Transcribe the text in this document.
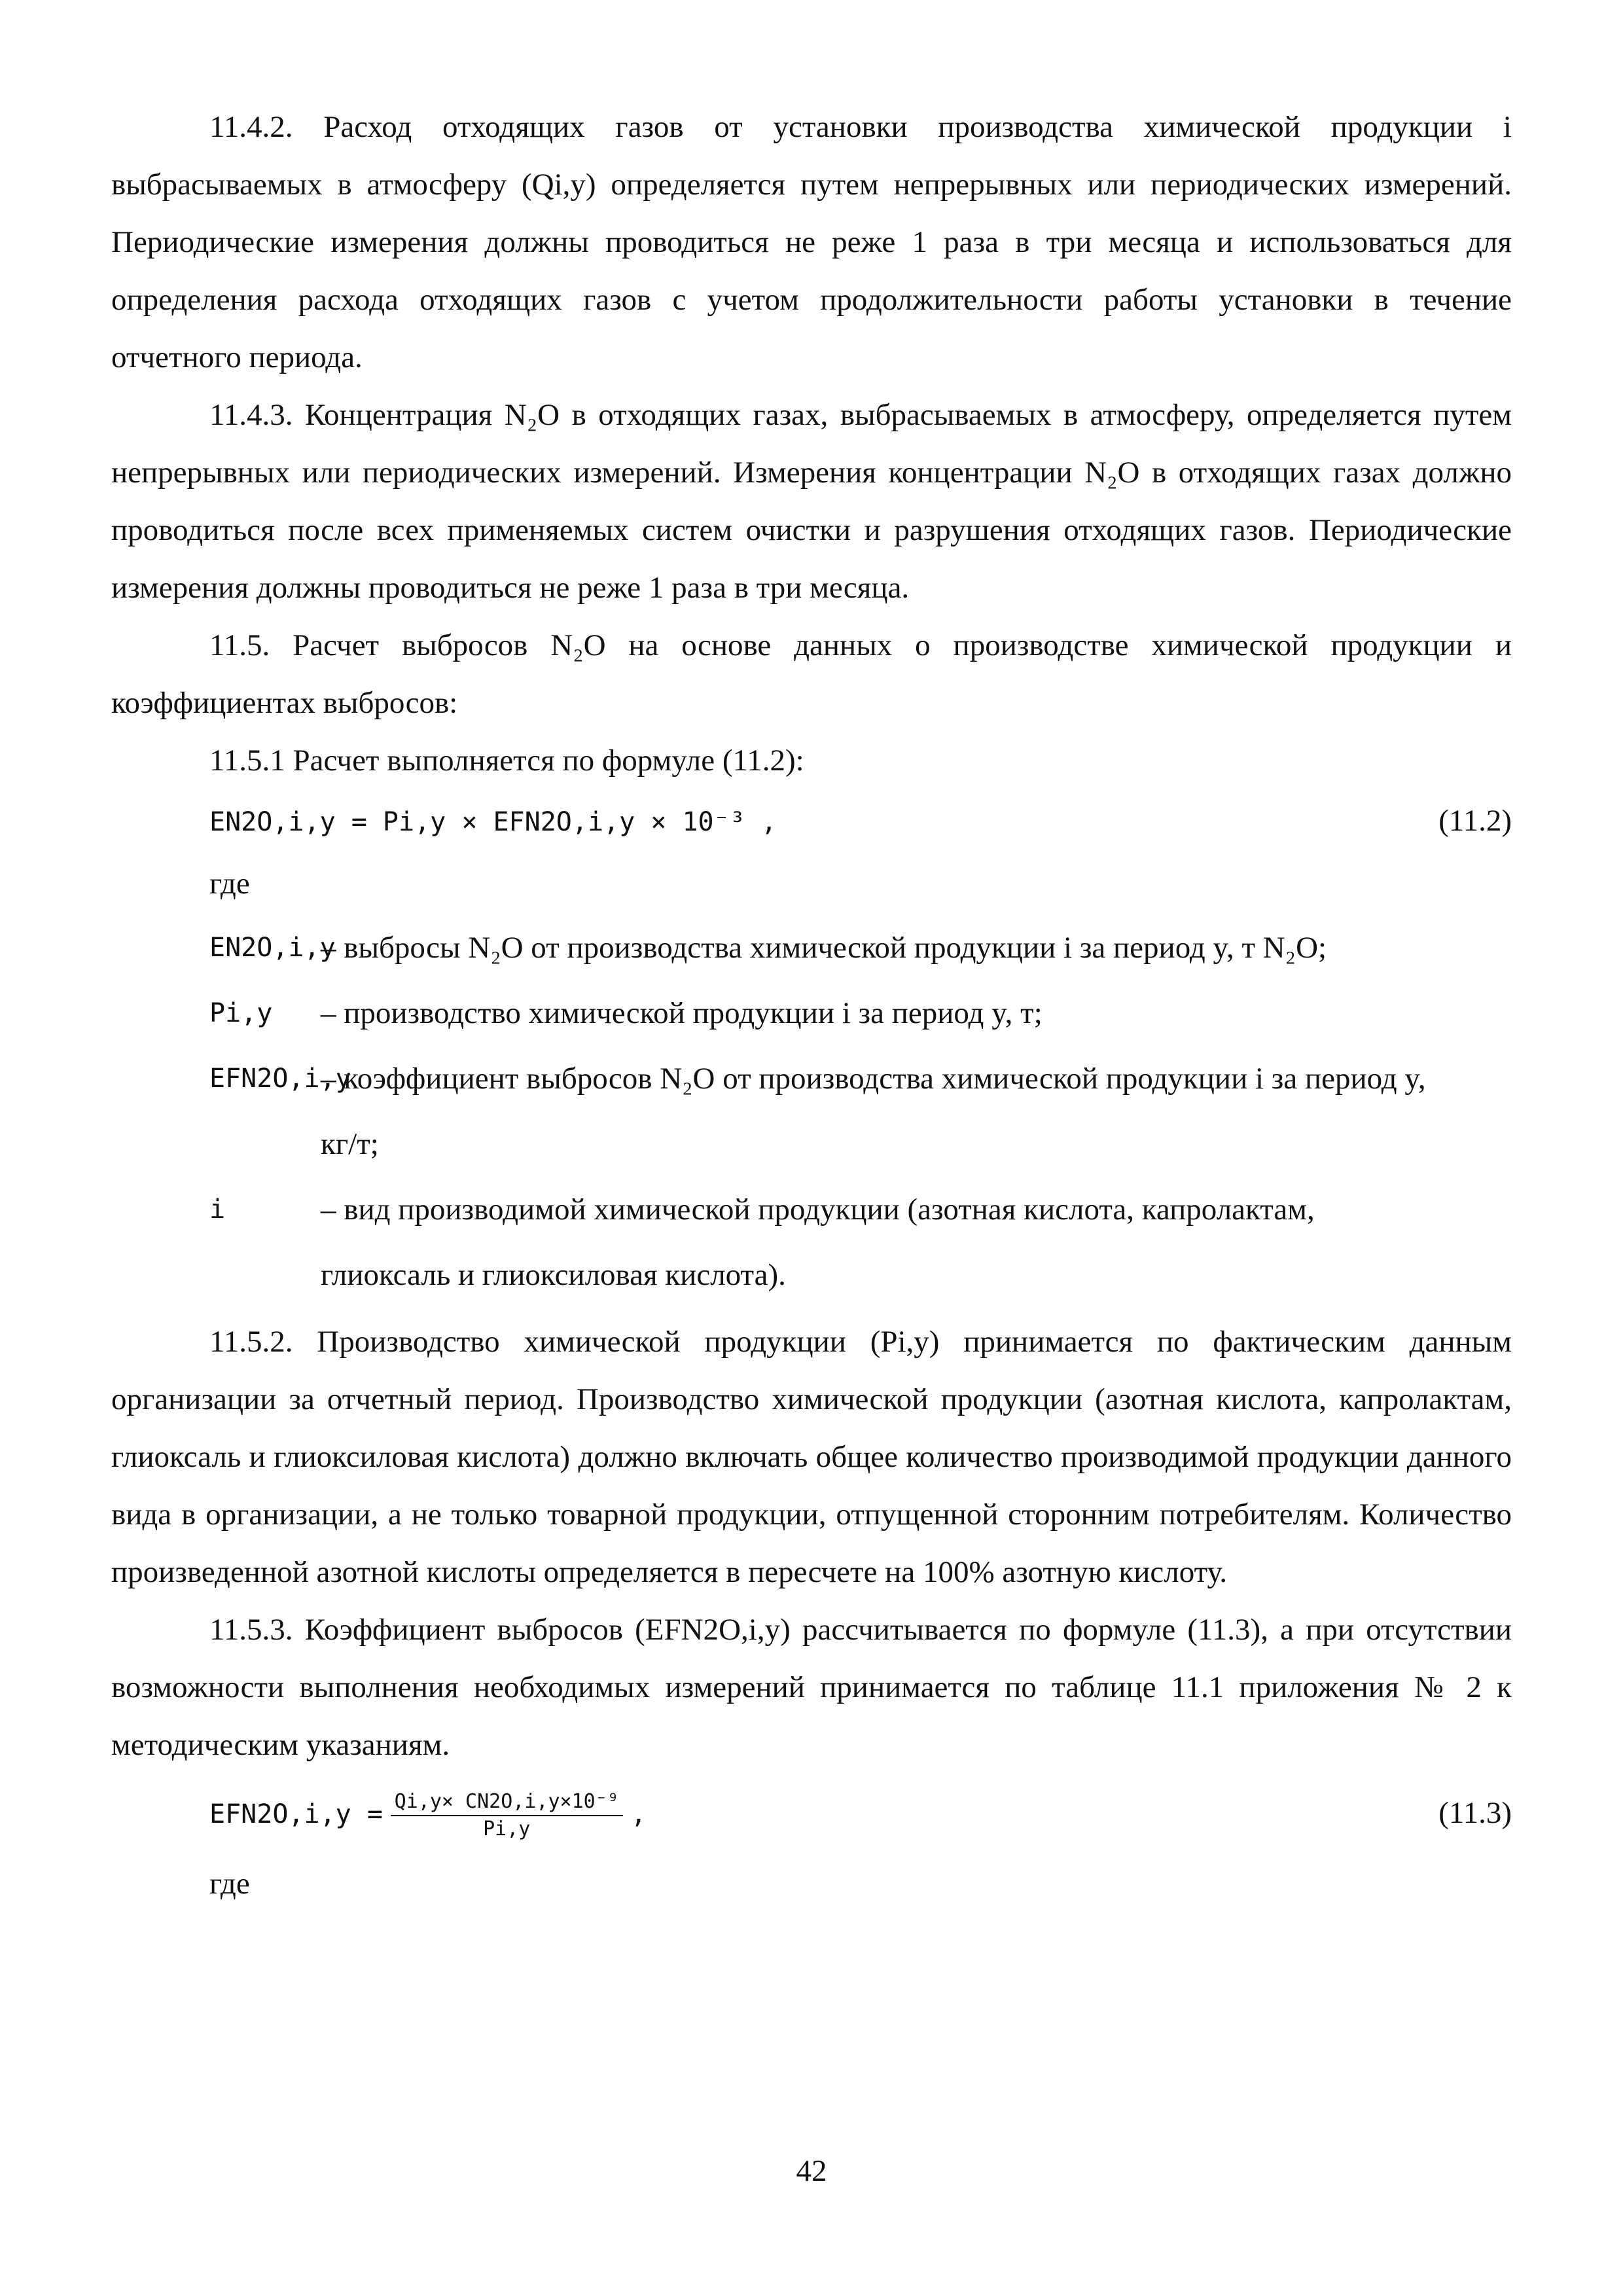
11.4.2. Расход отходящих газов от установки производства химической продукции i выбрасываемых в атмосферу (Qi,y) определяется путем непрерывных или периодических измерений. Периодические измерения должны проводиться не реже 1 раза в три месяца и использоваться для определения расхода отходящих газов с учетом продолжительности работы установки в течение отчетного периода.

11.4.3. Концентрация N₂O в отходящих газах, выбрасываемых в атмосферу, определяется путем непрерывных или периодических измерений. Измерения концентрации N₂O в отходящих газах должно проводиться после всех применяемых систем очистки и разрушения отходящих газов. Периодические измерения должны проводиться не реже 1 раза в три месяца.

11.5. Расчет выбросов N₂O на основе данных о производстве химической продукции и коэффициентах выбросов:

11.5.1 Расчет выполняется по формуле (11.2):

EN2O,i,y = Pi,y × EFN2O,i,y × 10⁻³ ,	(11.2)
где
EN2O,i,y
– выбросы N₂O от производства химической продукции i за период y, т N₂O;
Pi,y	– производство химической продукции i за период y, т;
EFN2O,i,y
– коэффициент выбросов N₂O от производства химической продукции i за период y,
кг/т;
i	– вид производимой химической продукции (азотная кислота, капролактам,
глиоксаль и глиоксиловая кислота).

11.5.2. Производство химической продукции (Pi,y) принимается по фактическим данным организации за отчетный период. Производство химической продукции (азотная кислота, капролактам, глиоксаль и глиоксиловая кислота) должно включать общее количество производимой продукции данного вида в организации, а не только товарной продукции, отпущенной сторонним потребителям. Количество произведенной азотной кислоты определяется в пересчете на 100% азотную кислоту.

11.5.3. Коэффициент выбросов (EFN2O,i,y) рассчитывается по формуле (11.3), а при отсутствии возможности выполнения необходимых измерений принимается по таблице 11.1 приложения № 2 к методическим указаниям.

$EFN2O,i,y = \frac{\text{Qi,y× CN2O,i,y×10⁻⁹}}{Pi,y}$ ,	(11.3)
где
42
